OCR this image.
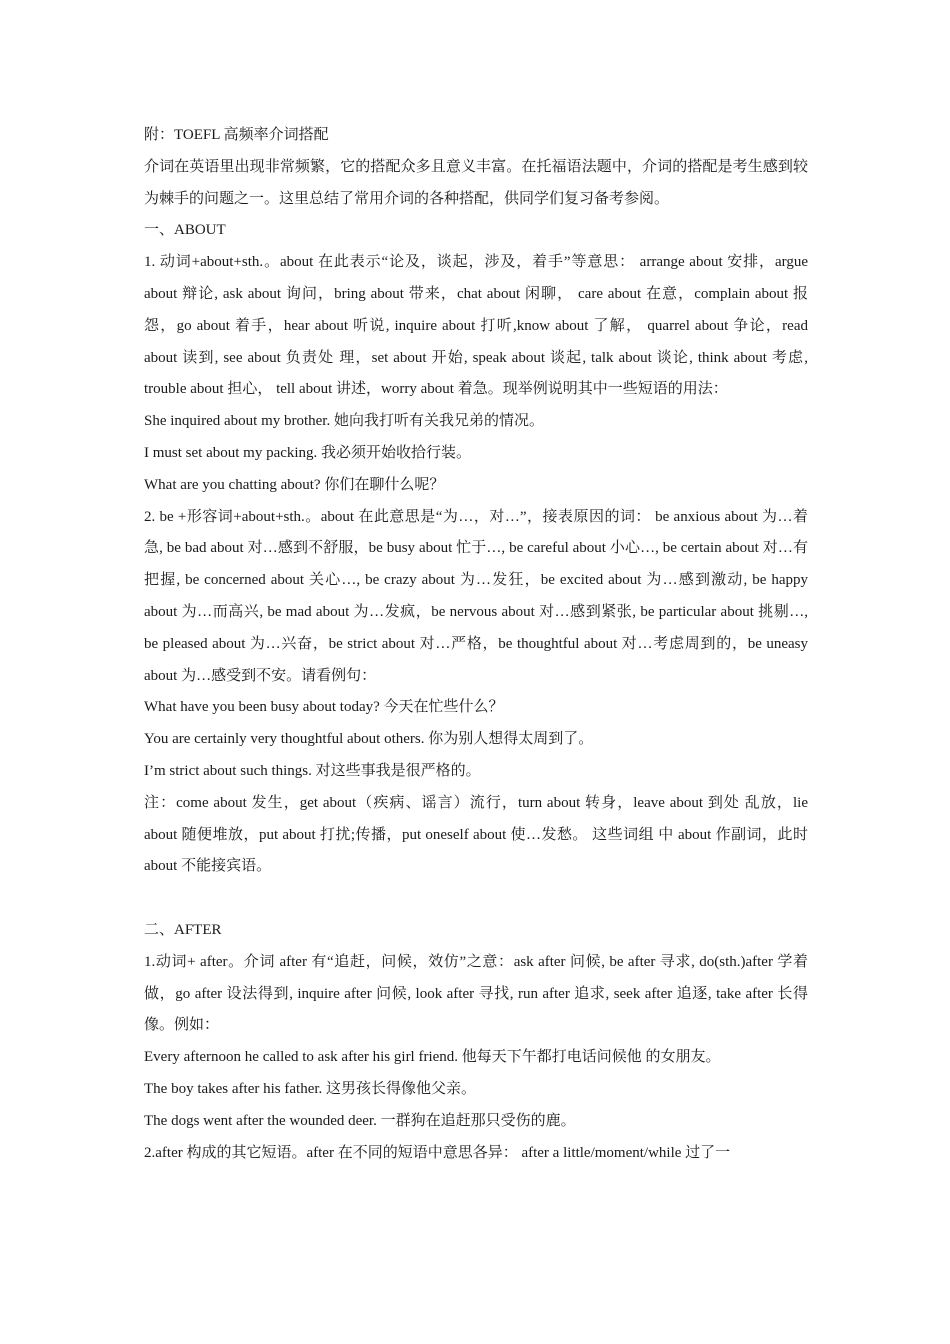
附：TOEFL 高频率介词搭配

介词在英语里出现非常频繁，它的搭配众多且意义丰富。在托福语法题中，介词的搭配是考生感到较为棘手的问题之一。这里总结了常用介词的各种搭配，供同学们复习备考参阅。

一、ABOUT

1. 动词+about+sth.。about 在此表示“论及，谈起，涉及，着手”等意思： arrange about 安排，argue about 辩论, ask about 询问，bring about 带来，chat about 闲聊， care about 在意，complain about 报怨，go about 着手，hear about 听说, inquire about 打听,know about 了解， quarrel about 争论，read about 读到, see about 负责处 理，set about 开始, speak about 谈起, talk about 谈论, think about 考虑, trouble about 担心， tell about 讲述，worry about 着急。现举例说明其中一些短语的用法：

She inquired about my brother. 她向我打听有关我兄弟的情况。

I must set about my packing. 我必须开始收拾行装。

What are you chatting about? 你们在聊什么呢？

2. be +形容词+about+sth.。about 在此意思是“为…，对…”，接表原因的词： be anxious about 为…着急, be bad about 对…感到不舒服，be busy about 忙于…, be careful about 小心…, be certain about 对…有把握, be concerned about 关心…, be crazy about 为…发狂，be excited about 为…感到激动, be happy about 为…而高兴, be mad about 为…发疯，be nervous about 对…感到紧张, be particular about 挑剔…, be pleased about 为…兴奋，be strict about 对…严格，be thoughtful about 对…考虑周到的，be uneasy about 为…感受到不安。请看例句：

What have you been busy about today? 今天在忙些什么？

You are certainly very thoughtful about others. 你为别人想得太周到了。

I’m strict about such things. 对这些事我是很严格的。

注：come about 发生，get about（疾病、谣言）流行，turn about 转身，leave about 到处 乱放，lie about 随便堆放，put about 打扰;传播，put oneself about 使…发愁。 这些词组 中 about 作副词，此时 about 不能接宾语。

二、AFTER

1.动词+ after。介词 after 有“追赶，问候，效仿”之意：ask after 问候, be after 寻求, do(sth.)after 学着做，go after 设法得到, inquire after 问候, look after 寻找, run after 追求, seek after 追逐, take after 长得像。例如：

Every afternoon he called to ask after his girl friend. 他每天下午都打电话问候他 的女朋友。

The boy takes after his father. 这男孩长得像他父亲。

The dogs went after the wounded deer. 一群狗在追赶那只受伤的鹿。

2.after 构成的其它短语。after 在不同的短语中意思各异： after a little/moment/while 过了一
